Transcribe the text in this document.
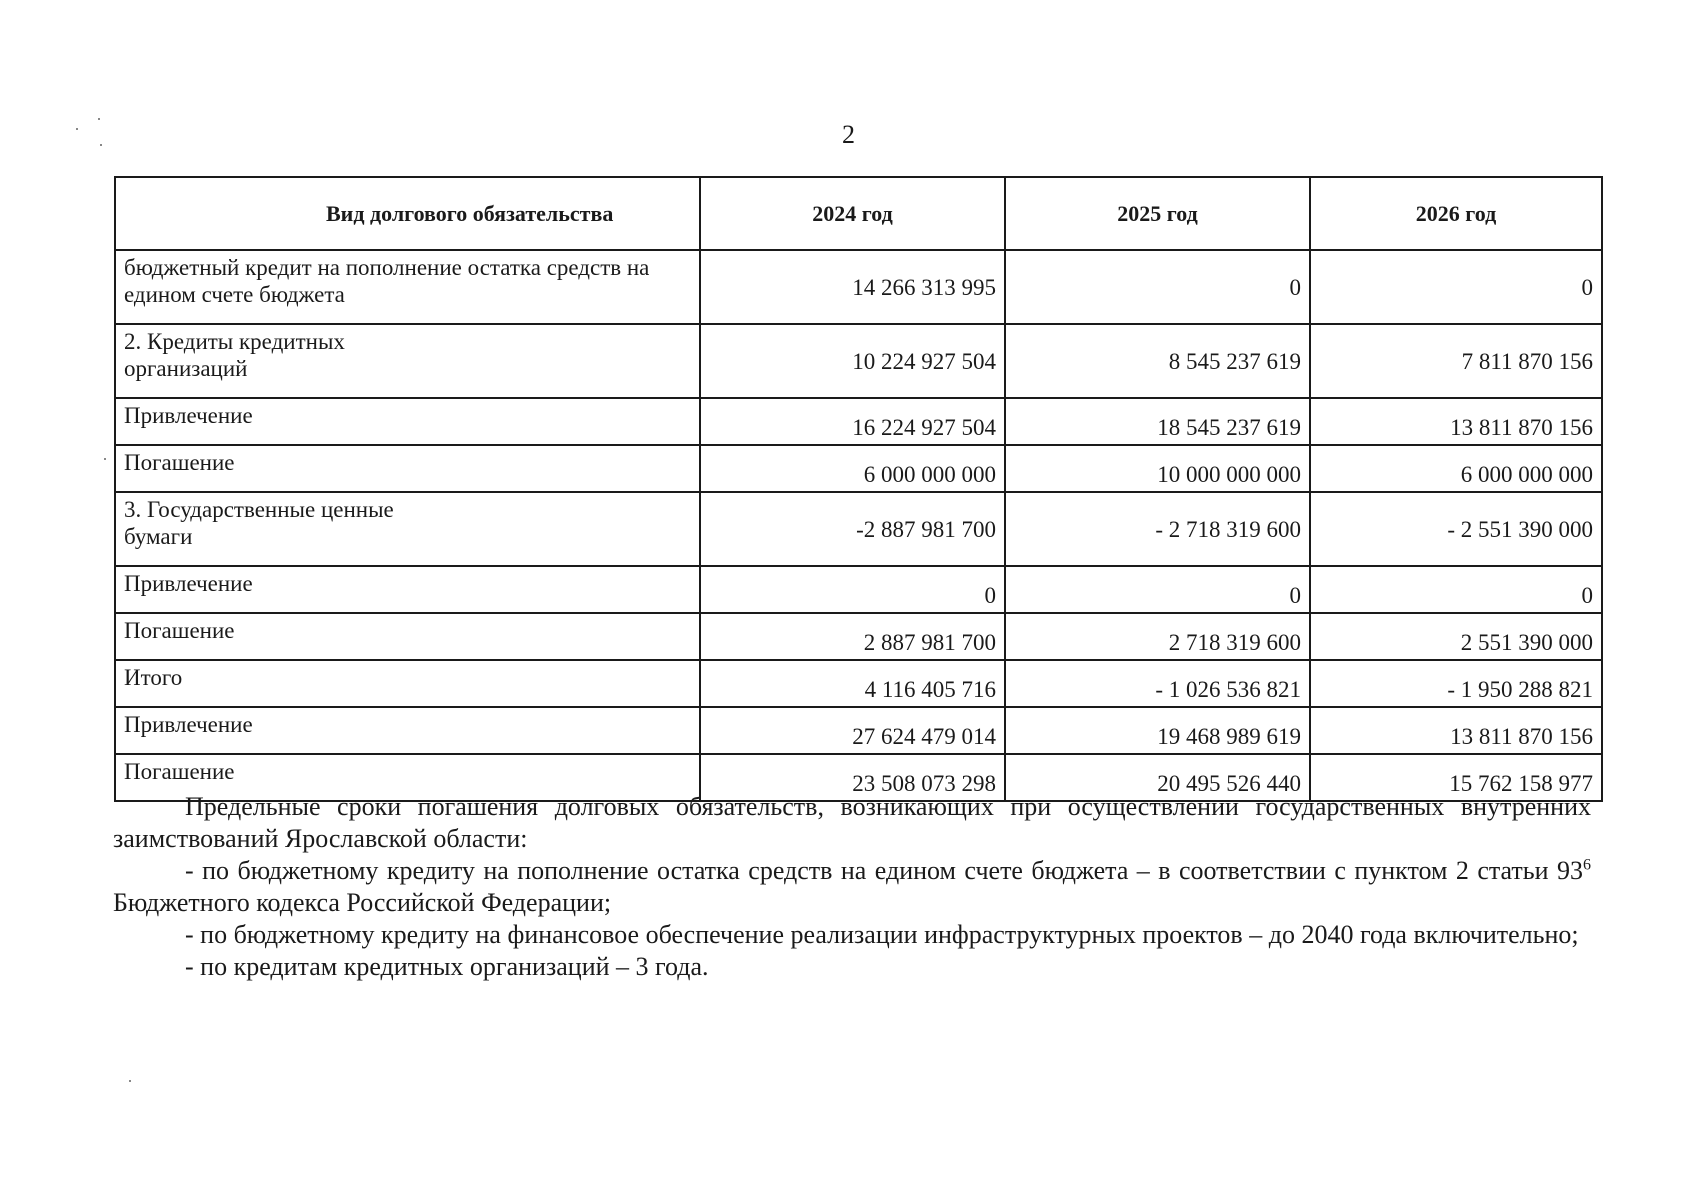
2
Вид долгового обязательства	2024 год	2025 год	2026 год
бюджетный кредит на пополнение остатка средств на едином счете бюджета	14 266 313 995	0	0
2. Кредиты кредитных организаций	10 224 927 504	8 545 237 619	7 811 870 156
Привлечение	16 224 927 504	18 545 237 619	13 811 870 156
Погашение	6 000 000 000	10 000 000 000	6 000 000 000
3. Государственные ценные бумаги	-2 887 981 700	- 2 718 319 600	- 2 551 390 000
Привлечение	0	0	0
Погашение	2 887 981 700	2 718 319 600	2 551 390 000
Итого	4 116 405 716	- 1 026 536 821	- 1 950 288 821
Привлечение	27 624 479 014	19 468 989 619	13 811 870 156
Погашение	23 508 073 298	20 495 526 440	15 762 158 977

Предельные сроки погашения долговых обязательств, возникающих при осуществлении государственных внутренних заимствований Ярославской области:

- по бюджетному кредиту на пополнение остатка средств на едином счете бюджета – в соответствии с пунктом 2 статьи $93^6$ Бюджетного кодекса Российской Федерации;

- по бюджетному кредиту на финансовое обеспечение реализации инфраструктурных проектов – до 2040 года включительно;

- по кредитам кредитных организаций – 3 года.
